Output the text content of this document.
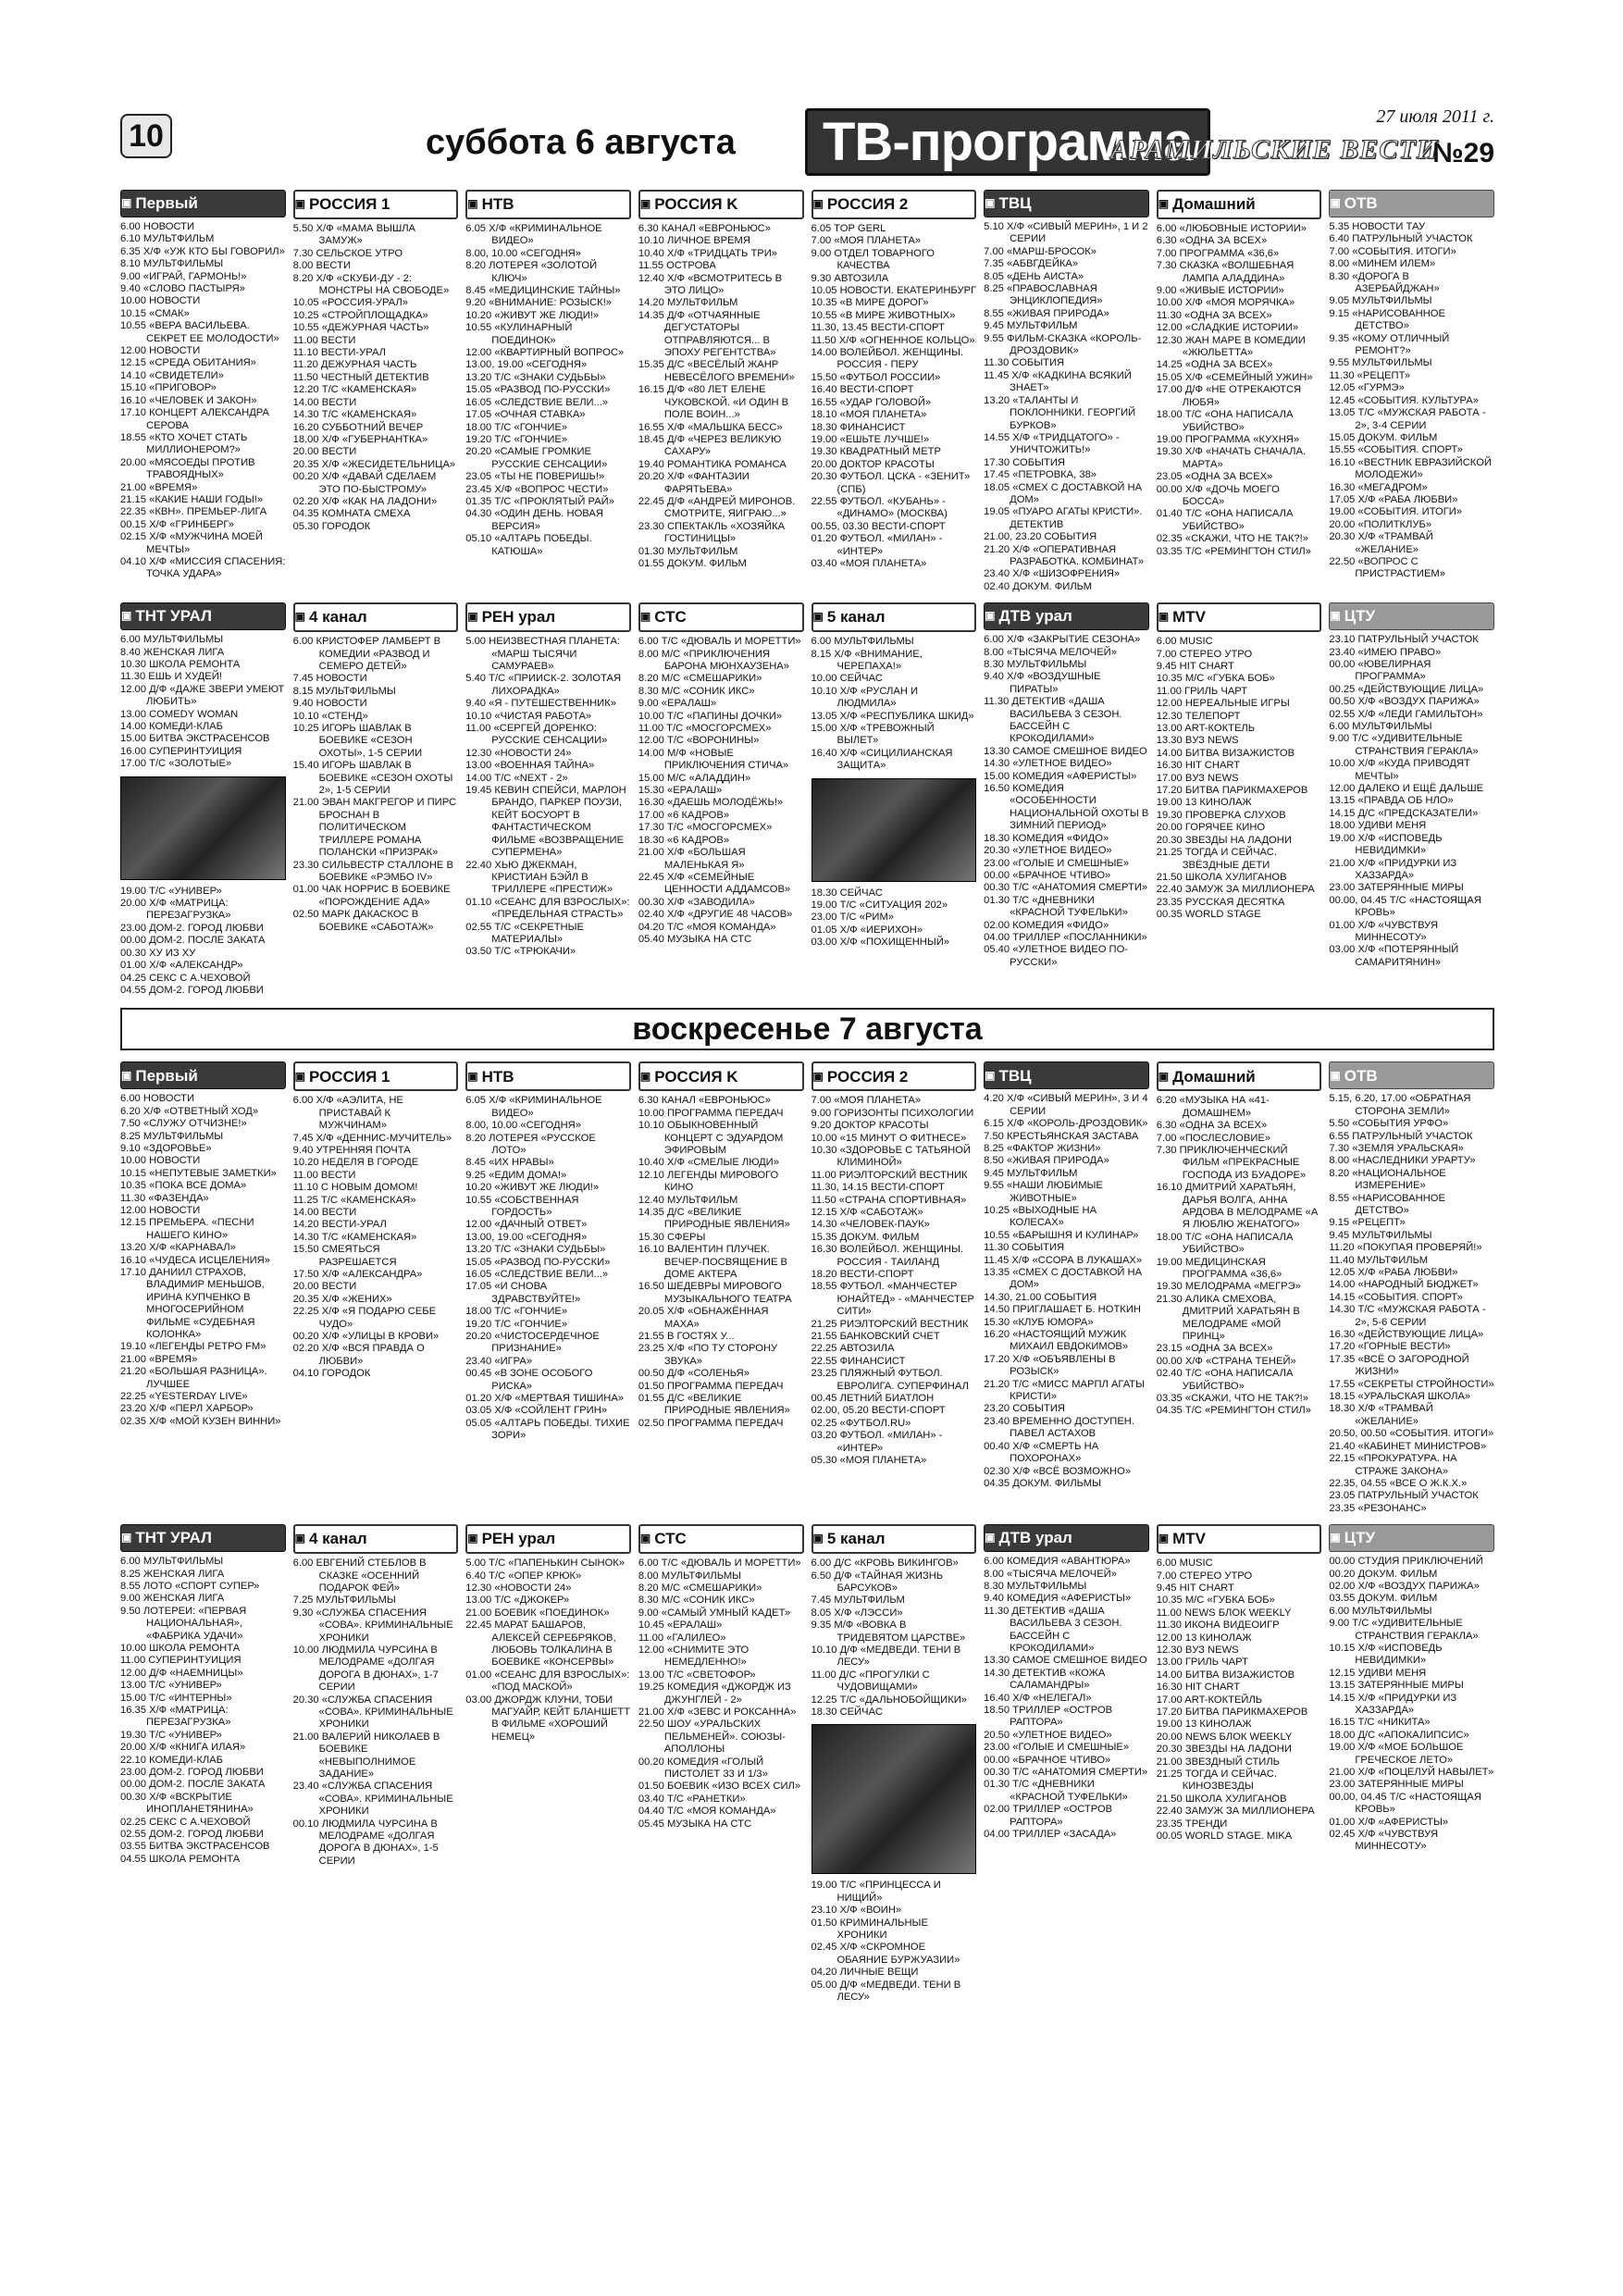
10	суббота 6 августа	ТВ-программа	27 июля 2011 г.
АРАМИЛЬСКИЕ ВЕСТИ
№29
▣ Первый
6.00 НОВОСТИ
6.10 МУЛЬТФИЛЬМ
6.35 Х/Ф «УЖ КТО БЫ ГОВОРИЛ»
8.10 МУЛЬТФИЛЬМЫ
9.00 «ИГРАЙ, ГАРМОНЬ!»
9.40 «СЛОВО ПАСТЫРЯ»
10.00 НОВОСТИ
10.15 «СМАК»
10.55 «ВЕРА ВАСИЛЬЕВА. СЕКРЕТ ЕЕ МОЛОДОСТИ»
12.00 НОВОСТИ
12.15 «СРЕДА ОБИТАНИЯ»
14.10 «СВИДЕТЕЛИ»
15.10 «ПРИГОВОР»
16.10 «ЧЕЛОВЕК И ЗАКОН»
17.10 КОНЦЕРТ АЛЕКСАНДРА СЕРОВА
18.55 «КТО ХОЧЕТ СТАТЬ МИЛЛИОНЕРОМ?»
20.00 «МЯСОЕДЫ ПРОТИВ ТРАВОЯДНЫХ»
21.00 «ВРЕМЯ»
21.15 «КАКИЕ НАШИ ГОДЫ!»
22.35 «КВН». ПРЕМЬЕР-ЛИГА
00.15 Х/Ф «ГРИНБЕРГ»
02.15 Х/Ф «МУЖЧИНА МОЕЙ МЕЧТЫ»
04.10 Х/Ф «МИССИЯ СПАСЕНИЯ: ТОЧКА УДАРА»
▣ РОССИЯ 1
5.50 Х/Ф «МАМА ВЫШЛА ЗАМУЖ»
7.30 СЕЛЬСКОЕ УТРО
8.00 ВЕСТИ
8.20 Х/Ф «СКУБИ-ДУ - 2: МОНСТРЫ НА СВОБОДЕ»
10.05 «РОССИЯ-УРАЛ»
10.25 «СТРОЙПЛОЩАДКА»
10.55 «ДЕЖУРНАЯ ЧАСТЬ»
11.00 ВЕСТИ
11.10 ВЕСТИ-УРАЛ
11.20 ДЕЖУРНАЯ ЧАСТЬ
11.50 ЧЕСТНЫЙ ДЕТЕКТИВ
12.20 Т/С «КАМЕНСКАЯ»
14.00 ВЕСТИ
14.30 Т/С «КАМЕНСКАЯ»
16.20 СУББОТНИЙ ВЕЧЕР
18.00 Х/Ф «ГУБЕРНАНТКА»
20.00 ВЕСТИ
20.35 Х/Ф «ЖЕСИДЕТЕЛЬНИЦА»
00.20 Х/Ф «ДАВАЙ СДЕЛАЕМ ЭТО ПО-БЫСТРОМУ»
02.20 Х/Ф «КАК НА ЛАДОНИ»
04.35 КОМНАТА СМЕХА
05.30 ГОРОДОК
▣ НТВ
6.05 Х/Ф «КРИМИНАЛЬНОЕ ВИДЕО»
8.00, 10.00 «СЕГОДНЯ»
8.20 ЛОТЕРЕЯ «ЗОЛОТОЙ КЛЮЧ»
8.45 «МЕДИЦИНСКИЕ ТАЙНЫ»
9.20 «ВНИМАНИЕ: РОЗЫСК!»
10.20 «ЖИВУТ ЖЕ ЛЮДИ!»
10.55 «КУЛИНАРНЫЙ ПОЕДИНОК»
12.00 «КВАРТИРНЫЙ ВОПРОС»
13.00, 19.00 «СЕГОДНЯ»
13.20 Т/С «ЗНАКИ СУДЬБЫ»
15.05 «РАЗВОД ПО-РУССКИ»
16.05 «СЛЕДСТВИЕ ВЕЛИ...»
17.05 «ОЧНАЯ СТАВКА»
18.00 Т/С «ГОНЧИЕ»
19.20 Т/С «ГОНЧИЕ»
20.20 «САМЫЕ ГРОМКИЕ РУССКИЕ СЕНСАЦИИ»
23.05 «ТЫ НЕ ПОВЕРИШЬ!»
23.45 Х/Ф «ВОПРОС ЧЕСТИ»
01.35 Т/С «ПРОКЛЯТЫЙ РАЙ»
04.30 «ОДИН ДЕНЬ. НОВАЯ ВЕРСИЯ»
05.10 «АЛТАРЬ ПОБЕДЫ. КАТЮША»
▣ РОССИЯ K
6.30 КАНАЛ «ЕВРОНЬЮС»
10.10 ЛИЧНОЕ ВРЕМЯ
10.40 Х/Ф «ТРИДЦАТЬ ТРИ»
11.55 ОСТРОВА
12.40 Х/Ф «ВСМОТРИТЕСЬ В ЭТО ЛИЦО»
14.20 МУЛЬТФИЛЬМ
14.35 Д/Ф «ОТЧАЯННЫЕ ДЕГУСТАТОРЫ ОТПРАВЛЯЮТСЯ... В ЭПОХУ РЕГЕНТСТВА»
15.35 Д/С «ВЕСЁЛЫЙ ЖАНР НЕВЕСЁЛОГО ВРЕМЕНИ»
16.15 Д/Ф «80 ЛЕТ ЕЛЕНЕ ЧУКОВСКОЙ. «И ОДИН В ПОЛЕ ВОИН...»
16.55 Х/Ф «МАЛЬШКА БЕСС»
18.45 Д/Ф «ЧЕРЕЗ ВЕЛИКУЮ САХАРУ»
19.40 РОМАНТИКА РОМАНСА
20.20 Х/Ф «ФАНТАЗИИ ФАРЯТЬЕВА»
22.45 Д/Ф «АНДРЕЙ МИРОНОВ. СМОТРИТЕ, ЯИГРАЮ...»
23.30 СПЕКТАКЛЬ «ХОЗЯЙКА ГОСТИНИЦЫ»
01.30 МУЛЬТФИЛЬМ
01.55 ДОКУМ. ФИЛЬМ
▣ РОССИЯ 2
6.05 TOP GERL
7.00 «МОЯ ПЛАНЕТА»
9.00 ОТДЕЛ ТОВАРНОГО КАЧЕСТВА
9.30 АВТОЗИЛА
10.05 НОВОСТИ. ЕКАТЕРИНБУРГ
10.35 «В МИРЕ ДОРОГ»
10.55 «В МИРЕ ЖИВОТНЫХ»
11.30, 13.45 ВЕСТИ-СПОРТ
11.50 Х/Ф «ОГНЕННОЕ КОЛЬЦО»
14.00 ВОЛЕЙБОЛ. ЖЕНЩИНЫ. РОССИЯ - ПЕРУ
15.50 «ФУТБОЛ РОССИИ»
16.40 ВЕСТИ-СПОРТ
16.55 «УДАР ГОЛОВОЙ»
18.10 «МОЯ ПЛАНЕТА»
18.30 ФИНАНСИСТ
19.00 «ЕШЬТЕ ЛУЧШЕ!»
19.30 КВАДРАТНЫЙ МЕТР
20.00 ДОКТОР КРАСОТЫ
20.30 ФУТБОЛ. ЦСКА - «ЗЕНИТ» (СПБ)
22.55 ФУТБОЛ. «КУБАНЬ» - «ДИНАМО» (МОСКВА)
00.55, 03.30 ВЕСТИ-СПОРТ
01.20 ФУТБОЛ. «МИЛАН» - «ИНТЕР»
03.40 «МОЯ ПЛАНЕТА»
▣ ТВЦ
5.10 Х/Ф «СИВЫЙ МЕРИН», 1 И 2 СЕРИИ
7.00 «МАРШ-БРОСОК»
7.35 «АБВГДЕЙКА»
8.05 «ДЕНЬ АИСТА»
8.25 «ПРАВОСЛАВНАЯ ЭНЦИКЛОПЕДИЯ»
8.55 «ЖИВАЯ ПРИРОДА»
9.45 МУЛЬТФИЛЬМ
9.55 ФИЛЬМ-СКАЗКА «КОРОЛЬ-ДРОЗДОВИК»
11.30 СОБЫТИЯ
11.45 Х/Ф «КАДКИНА ВСЯКИЙ ЗНАЕТ»
13.20 «ТАЛАНТЫ И ПОКЛОННИКИ. ГЕОРГИЙ БУРКОВ»
14.55 Х/Ф «ТРИДЦАТОГО» - УНИЧТОЖИТЬ!»
17.30 СОБЫТИЯ
17.45 «ПЕТРОВКА, 38»
18.05 «СМЕХ С ДОСТАВКОЙ НА ДОМ»
19.05 «ПУАРО АГАТЫ КРИСТИ». ДЕТЕКТИВ
21.00, 23.20 СОБЫТИЯ
21.20 Х/Ф «ОПЕРАТИВНАЯ РАЗРАБОТКА. КОМБИНАТ»
23.40 Х/Ф «ШИЗОФРЕНИЯ»
02.40 ДОКУМ. ФИЛЬМ
▣ Домашний
6.00 «ЛЮБОВНЫЕ ИСТОРИИ»
6.30 «ОДНА ЗА ВСЕХ»
7.00 ПРОГРАММА «36,6»
7.30 СКАЗКА «ВОЛШЕБНАЯ ЛАМПА АЛАДДИНА»
9.00 «ЖИВЫЕ ИСТОРИИ»
10.00 Х/Ф «МОЯ МОРЯЧКА»
11.30 «ОДНА ЗА ВСЕХ»
12.00 «СЛАДКИЕ ИСТОРИИ»
12.30 ЖАН МАРЕ В КОМЕДИИ «ЖЮЛЬЕТТА»
14.25 «ОДНА ЗА ВСЕХ»
15.05 Х/Ф «СЕМЕЙНЫЙ УЖИН»
17.00 Д/Ф «НЕ ОТРЕКАЮТСЯ ЛЮБЯ»
18.00 Т/С «ОНА НАПИСАЛА УБИЙСТВО»
19.00 ПРОГРАММА «КУХНЯ»
19.30 Х/Ф «НАЧАТЬ СНАЧАЛА. МАРТА»
23.05 «ОДНА ЗА ВСЕХ»
00.00 Х/Ф «ДОЧЬ МОЕГО БОССА»
01.40 Т/С «ОНА НАПИСАЛА УБИЙСТВО»
02.35 «СКАЖИ, ЧТО НЕ ТАК?!»
03.35 Т/С «РЕМИНГТОН СТИЛ»
▣ ОТВ
5.35 НОВОСТИ ТАУ
6.40 ПАТРУЛЬНЫЙ УЧАСТОК
7.00 «СОБЫТИЯ. ИТОГИ»
8.00 «МИНЕМ ИЛЕМ»
8.30 «ДОРОГА В АЗЕРБАЙДЖАН»
9.05 МУЛЬТФИЛЬМЫ
9.15 «НАРИСОВАННОЕ ДЕТСТВО»
9.35 «КОМУ ОТЛИЧНЫЙ РЕМОНТ?»
9.55 МУЛЬТФИЛЬМЫ
11.30 «РЕЦЕПТ»
12.05 «ГУРМЭ»
12.45 «СОБЫТИЯ. КУЛЬТУРА»
13.05 Т/С «МУЖСКАЯ РАБОТА - 2», 3-4 СЕРИИ
15.05 ДОКУМ. ФИЛЬМ
15.55 «СОБЫТИЯ. СПОРТ»
16.10 «ВЕСТНИК ЕВРАЗИЙСКОЙ МОЛОДЕЖИ»
16.30 «МЕГАДРОМ»
17.05 Х/Ф «РАБА ЛЮБВИ»
19.00 «СОБЫТИЯ. ИТОГИ»
20.00 «ПОЛИТКЛУБ»
20.30 Х/Ф «ТРАМВАЙ «ЖЕЛАНИЕ»
22.50 «ВОПРОС С ПРИСТРАСТИЕМ»
▣ ТНТ УРАЛ
6.00 МУЛЬТФИЛЬМЫ
8.40 ЖЕНСКАЯ ЛИГА
10.30 ШКОЛА РЕМОНТА
11.30 ЕШЬ И ХУДЕЙ!
12.00 Д/Ф «ДАЖЕ ЗВЕРИ УМЕЮТ ЛЮБИТЬ»
13.00 COMEDY WOMAN
14.00 КОМЕДИ-КЛАБ
15.00 БИТВА ЭКСТРАСЕНСОВ
16.00 СУПЕРИНТУИЦИЯ
17.00 Т/С «ЗОЛОТЫЕ»
19.00 Т/С «УНИВЕР»
20.00 Х/Ф «МАТРИЦА: ПЕРЕЗАГРУЗКА»
23.00 ДОМ-2. ГОРОД ЛЮБВИ
00.00 ДОМ-2. ПОСЛЕ ЗАКАТА
00.30 ХУ ИЗ ХУ
01.00 Х/Ф «АЛЕКСАНДР»
04.25 СЕКС С А.ЧЕХОВОЙ
04.55 ДОМ-2. ГОРОД ЛЮБВИ
▣ 4 канал
6.00 КРИСТОФЕР ЛАМБЕРТ В КОМЕДИИ «РАЗВОД И СЕМЕРО ДЕТЕЙ»
7.45 НОВОСТИ
8.15 МУЛЬТФИЛЬМЫ
9.40 НОВОСТИ
10.10 «СТЕНД»
10.25 ИГОРЬ ШАВЛАК В БОЕВИКЕ «СЕЗОН ОХОТЫ», 1-5 СЕРИИ
15.40 ИГОРЬ ШАВЛАК В БОЕВИКЕ «СЕЗОН ОХОТЫ 2», 1-5 СЕРИИ
21.00 ЭВАН МАКГРЕГОР И ПИРС БРОСНАН В ПОЛИТИЧЕСКОМ ТРИЛЛЕРЕ РОМАНА ПОЛАНСКИ «ПРИЗРАК»
23.30 СИЛЬВЕСТР СТАЛЛОНЕ В БОЕВИКЕ «РЭМБО IV»
01.00 ЧАК НОРРИС В БОЕВИКЕ «ПОРОЖДЕНИЕ АДА»
02.50 МАРК ДАКАСКОС В БОЕВИКЕ «САБОТАЖ»
▣ РЕН урал
5.00 НЕИЗВЕСТНАЯ ПЛАНЕТА: «МАРШ ТЫСЯЧИ САМУРАЕВ»
5.40 Т/С «ПРИИСК-2. ЗОЛОТАЯ ЛИХОРАДКА»
9.40 «Я - ПУТЕШЕСТВЕННИК»
10.10 «ЧИСТАЯ РАБОТА»
11.00 «СЕРГЕЙ ДОРЕНКО: РУССКИЕ СЕНСАЦИИ»
12.30 «НОВОСТИ 24»
13.00 «ВОЕННАЯ ТАЙНА»
14.00 Т/С «NEXT - 2»
19.45 КЕВИН СПЕЙСИ, МАРЛОН БРАНДО, ПАРКЕР ПОУЗИ, КЕЙТ БОСУОРТ В ФАНТАСТИЧЕСКОМ ФИЛЬМЕ «ВОЗВРАЩЕНИЕ СУПЕРМЕНА»
22.40 ХЬЮ ДЖЕКМАН, КРИСТИАН БЭЙЛ В ТРИЛЛЕРЕ «ПРЕСТИЖ»
01.10 «СЕАНС ДЛЯ ВЗРОСЛЫХ»: «ПРЕДЕЛЬНАЯ СТРАСТЬ»
02.55 Т/С «СЕКРЕТНЫЕ МАТЕРИАЛЫ»
03.50 Т/С «ТРЮКАЧИ»
▣ СТС
6.00 Т/С «ДЮВАЛЬ И МОРЕТТИ»
8.00 М/С «ПРИКЛЮЧЕНИЯ БАРОНА МЮНХАУЗЕНА»
8.20 М/С «СМЕШАРИКИ»
8.30 М/С «СОНИК ИКС»
9.00 «ЕРАЛАШ»
10.00 Т/С «ПАПИНЫ ДОЧКИ»
11.00 Т/С «МОСГОРСМЕХ»
12.00 Т/С «ВОРОНИНЫ»
14.00 М/Ф «НОВЫЕ ПРИКЛЮЧЕНИЯ СТИЧА»
15.00 М/С «АЛАДДИН»
15.30 «ЕРАЛАШ»
16.30 «ДАЕШЬ МОЛОДЁЖЬ!»
17.00 «6 КАДРОВ»
17.30 Т/С «МОСГОРСМЕХ»
18.30 «6 КАДРОВ»
21.00 Х/Ф «БОЛЬШАЯ МАЛЕНЬКАЯ Я»
22.45 Х/Ф «СЕМЕЙНЫЕ ЦЕННОСТИ АДДАМСОВ»
00.30 Х/Ф «ЗАВОДИЛА»
02.40 Х/Ф «ДРУГИЕ 48 ЧАСОВ»
04.20 Т/С «МОЯ КОМАНДА»
05.40 МУЗЫКА НА СТС
▣ 5 канал
6.00 МУЛЬТФИЛЬМЫ
8.15 Х/Ф «ВНИМАНИЕ, ЧЕРЕПАХА!»
10.00 СЕЙЧАС
10.10 Х/Ф «РУСЛАН И ЛЮДМИЛА»
13.05 Х/Ф «РЕСПУБЛИКА ШКИД»
15.00 Х/Ф «ТРЕВОЖНЫЙ ВЫЛЕТ»
16.40 Х/Ф «СИЦИЛИАНСКАЯ ЗАЩИТА»
18.30 СЕЙЧАС
19.00 Т/С «СИТУАЦИЯ 202»
23.00 Т/С «РИМ»
01.05 Х/Ф «ИЕРИХОН»
03.00 Х/Ф «ПОХИЩЕННЫЙ»
▣ ДТВ урал
6.00 Х/Ф «ЗАКРЫТИЕ СЕЗОНА»
8.00 «ТЫСЯЧА МЕЛОЧЕЙ»
8.30 МУЛЬТФИЛЬМЫ
9.40 Х/Ф «ВОЗДУШНЫЕ ПИРАТЫ»
11.30 ДЕТЕКТИВ «ДАША ВАСИЛЬЕВА 3 СЕЗОН. БАССЕЙН С КРОКОДИЛАМИ»
13.30 САМОЕ СМЕШНОЕ ВИДЕО
14.30 «УЛЕТНОЕ ВИДЕО»
15.00 КОМЕДИЯ «АФЕРИСТЫ»
16.50 КОМЕДИЯ «ОСОБЕННОСТИ НАЦИОНАЛЬНОЙ ОХОТЫ В ЗИМНИЙ ПЕРИОД»
18.30 КОМЕДИЯ «ФИДО»
20.30 «УЛЕТНОЕ ВИДЕО»
23.00 «ГОЛЫЕ И СМЕШНЫЕ»
00.00 «БРАЧНОЕ ЧТИВО»
00.30 Т/С «АНАТОМИЯ СМЕРТИ»
01.30 Т/С «ДНЕВНИКИ «КРАСНОЙ ТУФЕЛЬКИ»
02.00 КОМЕДИЯ «ФИДО»
04.00 ТРИЛЛЕР «ПОСЛАННИКИ»
05.40 «УЛЕТНОЕ ВИДЕО ПО-РУССКИ»
▣ MTV
6.00 MUSIC
7.00 СТЕРЕО УТРО
9.45 HIT CHART
10.35 М/С «ГУБКА БОБ»
11.00 ГРИЛЬ ЧАРТ
12.00 НЕРЕАЛЬНЫЕ ИГРЫ
12.30 ТЕЛЕПОРТ
13.00 ART-КОКТЕЛЬ
13.30 BУЗ NEWS
14.00 БИТВА ВИЗАЖИСТОВ
16.30 HIT CHART
17.00 BУЗ NEWS
17.20 БИТВА ПАРИКМАХЕРОВ
19.00 13 КИНОЛАЖ
19.30 ПРОВЕРКА СЛУХОВ
20.00 ГОРЯЧЕЕ КИНО
20.30 ЗВЕЗДЫ НА ЛАДОНИ
21.25 ТОГДА И СЕЙЧАС. ЗВЁЗДНЫЕ ДЕТИ
21.50 ШКОЛА ХУЛИГАНОВ
22.40 ЗАМУЖ ЗА МИЛЛИОНЕРА
23.35 РУССКАЯ ДЕСЯТКА
00.35 WORLD STAGE
▣ ЦТУ
23.10 ПАТРУЛЬНЫЙ УЧАСТОК
23.40 «ИМЕЮ ПРАВО»
00.00 «ЮВЕЛИРНАЯ ПРОГРАММА»
00.25 «ДЕЙСТВУЮЩИЕ ЛИЦА»
00.50 Х/Ф «ВОЗДУХ ПАРИЖА»
02.55 Х/Ф «ЛЕДИ ГАМИЛЬТОН»
6.00 МУЛЬТФИЛЬМЫ
9.00 Т/С «УДИВИТЕЛЬНЫЕ СТРАНСТВИЯ ГЕРАКЛА»
10.00 Х/Ф «КУДА ПРИВОДЯТ МЕЧТЫ»
12.00 ДАЛЕКО И ЕЩЁ ДАЛЬШЕ
13.15 «ПРАВДА ОБ НЛО»
14.15 Д/С «ПРЕДСКАЗАТЕЛИ»
18.00 УДИВИ МЕНЯ
19.00 Х/Ф «ИСПОВЕДЬ НЕВИДИМКИ»
21.00 Х/Ф «ПРИДУРКИ ИЗ ХАЗЗАРДА»
23.00 ЗАТЕРЯННЫЕ МИРЫ
00.00, 04.45 Т/С «НАСТОЯЩАЯ КРОВЬ»
01.00 Х/Ф «ЧУВСТВУЯ МИННЕСОТУ»
03.00 Х/Ф «ПОТЕРЯННЫЙ САМАРИТЯНИН»
воскресенье 7 августа
▣ Первый
6.00 НОВОСТИ
6.20 Х/Ф «ОТВЕТНЫЙ ХОД»
7.50 «СЛУЖУ ОТЧИЗНЕ!»
8.25 МУЛЬТФИЛЬМЫ
9.10 «ЗДОРОВЬЕ»
10.00 НОВОСТИ
10.15 «НЕПУТЕВЫЕ ЗАМЕТКИ»
10.35 «ПОКА ВСЕ ДОМА»
11.30 «ФАЗЕНДА»
12.00 НОВОСТИ
12.15 ПРЕМЬЕРА. «ПЕСНИ НАШЕГО КИНО»
13.20 Х/Ф «КАРНАВАЛ»
16.10 «ЧУДЕСА ИСЦЕЛЕНИЯ»
17.10 ДАНИИЛ СТРАХОВ, ВЛАДИМИР МЕНЬШОВ, ИРИНА КУПЧЕНКО В МНОГОСЕРИЙНОМ ФИЛЬМЕ «СУДЕБНАЯ КОЛОНКА»
19.10 «ЛЕГЕНДЫ РЕТРО FM»
21.00 «ВРЕМЯ»
21.20 «БОЛЬШАЯ РАЗНИЦА». ЛУЧШЕЕ
22.25 «YESTERDAY LIVE»
23.20 Х/Ф «ПЕРЛ ХАРБОР»
02.35 Х/Ф «МОЙ КУЗЕН ВИННИ»
▣ РОССИЯ 1
6.00 Х/Ф «АЭЛИТА, НЕ ПРИСТАВАЙ К МУЖЧИНАМ»
7.45 Х/Ф «ДЕННИС-МУЧИТЕЛЬ»
9.40 УТРЕННЯЯ ПОЧТА
10.20 НЕДЕЛЯ В ГОРОДЕ
11.00 ВЕСТИ
11.10 С НОВЫМ ДОМОМ!
11.25 Т/С «КАМЕНСКАЯ»
14.00 ВЕСТИ
14.20 ВЕСТИ-УРАЛ
14.30 Т/С «КАМЕНСКАЯ»
15.50 СМЕЯТЬСЯ РАЗРЕШАЕТСЯ
17.50 Х/Ф «АЛЕКСАНДРА»
20.00 ВЕСТИ
20.35 Х/Ф «ЖЕНИХ»
22.25 Х/Ф «Я ПОДАРЮ СЕБЕ ЧУДО»
00.20 Х/Ф «УЛИЦЫ В КРОВИ»
02.20 Х/Ф «ВСЯ ПРАВДА О ЛЮБВИ»
04.10 ГОРОДОК
▣ НТВ
6.05 Х/Ф «КРИМИНАЛЬНОЕ ВИДЕО»
8.00, 10.00 «СЕГОДНЯ»
8.20 ЛОТЕРЕЯ «РУССКОЕ ЛОТО»
8.45 «ИХ НРАВЫ»
9.25 «ЕДИМ ДОМА!»
10.20 «ЖИВУТ ЖЕ ЛЮДИ!»
10.55 «СОБСТВЕННАЯ ГОРДОСТЬ»
12.00 «ДАЧНЫЙ ОТВЕТ»
13.00, 19.00 «СЕГОДНЯ»
13.20 Т/С «ЗНАКИ СУДЬБЫ»
15.05 «РАЗВОД ПО-РУССКИ»
16.05 «СЛЕДСТВИЕ ВЕЛИ...»
17.05 «И СНОВА ЗДРАВСТВУЙТЕ!»
18.00 Т/С «ГОНЧИЕ»
19.20 Т/С «ГОНЧИЕ»
20.20 «ЧИСТОСЕРДЕЧНОЕ ПРИЗНАНИЕ»
23.40 «ИГРА»
00.45 «В ЗОНЕ ОСОБОГО РИСКА»
01.20 Х/Ф «МЕРТВАЯ ТИШИНА»
03.05 Х/Ф «СОЙЛЕНТ ГРИН»
05.05 «АЛТАРЬ ПОБЕДЫ. ТИХИЕ ЗОРИ»
▣ РОССИЯ K
6.30 КАНАЛ «ЕВРОНЬЮС»
10.00 ПРОГРАММА ПЕРЕДАЧ
10.10 ОБЫКНОВЕННЫЙ КОНЦЕРТ С ЭДУАРДОМ ЭФИРОВЫМ
10.40 Х/Ф «СМЕЛЫЕ ЛЮДИ»
12.10 ЛЕГЕНДЫ МИРОВОГО КИНО
12.40 МУЛЬТФИЛЬМ
14.35 Д/С «ВЕЛИКИЕ ПРИРОДНЫЕ ЯВЛЕНИЯ»
15.30 СФЕРЫ
16.10 ВАЛЕНТИН ПЛУЧЕК. ВЕЧЕР-ПОСВЯЩЕНИЕ В ДОМЕ АКТЕРА
16.50 ШЕДЕВРЫ МИРОВОГО МУЗЫКАЛЬНОГО ТЕАТРА
20.05 Х/Ф «ОБНАЖЁННАЯ МАХА»
21.55 В ГОСТЯХ У...
23.25 Х/Ф «ПО ТУ СТОРОНУ ЗВУКА»
00.50 Д/Ф «СОЛЕНЬЯ»
01.50 ПРОГРАММА ПЕРЕДАЧ
01.55 Д/С «ВЕЛИКИЕ ПРИРОДНЫЕ ЯВЛЕНИЯ»
02.50 ПРОГРАММА ПЕРЕДАЧ
▣ РОССИЯ 2
7.00 «МОЯ ПЛАНЕТА»
9.00 ГОРИЗОНТЫ ПСИХОЛОГИИ
9.20 ДОКТОР КРАСОТЫ
10.00 «15 МИНУТ О ФИТНЕСЕ»
10.30 «ЗДОРОВЬЕ С ТАТЬЯНОЙ КЛИМИНОЙ»
11.00 РИЭЛТОРСКИЙ ВЕСТНИК
11.30, 14.15 ВЕСТИ-СПОРТ
11.50 «СТРАНА СПОРТИВНАЯ»
12.15 Х/Ф «САБОТАЖ»
14.30 «ЧЕЛОВЕК-ПАУК»
15.35 ДОКУМ. ФИЛЬМ
16.30 ВОЛЕЙБОЛ. ЖЕНЩИНЫ. РОССИЯ - ТАИЛАНД
18.20 ВЕСТИ-СПОРТ
18.55 ФУТБОЛ. «МАНЧЕСТЕР ЮНАЙТЕД» - «МАНЧЕСТЕР СИТИ»
21.25 РИЭЛТОРСКИЙ ВЕСТНИК
21.55 БАНКОВСКИЙ СЧЕТ
22.25 АВТОЗИЛА
22.55 ФИНАНСИСТ
23.25 ПЛЯЖНЫЙ ФУТБОЛ. ЕВРОЛИГА. СУПЕРФИНАЛ
00.45 ЛЕТНИЙ БИАТЛОН
02.00, 05.20 ВЕСТИ-СПОРТ
02.25 «ФУТБОЛ.RU»
03.20 ФУТБОЛ. «МИЛАН» - «ИНТЕР»
05.30 «МОЯ ПЛАНЕТА»
▣ ТВЦ
4.20 Х/Ф «СИВЫЙ МЕРИН», 3 И 4 СЕРИИ
6.15 Х/Ф «КОРОЛЬ-ДРОЗДОВИК»
7.50 КРЕСТЬЯНСКАЯ ЗАСТАВА
8.25 «ФАКТОР ЖИЗНИ»
8.50 «ЖИВАЯ ПРИРОДА»
9.45 МУЛЬТФИЛЬМ
9.55 «НАШИ ЛЮБИМЫЕ ЖИВОТНЫЕ»
10.25 «ВЫХОДНЫЕ НА КОЛЕСАХ»
10.55 «БАРЫШНЯ И КУЛИНАР»
11.30 СОБЫТИЯ
11.45 Х/Ф «ССОРА В ЛУКАШАХ»
13.35 «СМЕХ С ДОСТАВКОЙ НА ДОМ»
14.30, 21.00 СОБЫТИЯ
14.50 ПРИГЛАШАЕТ Б. НОТКИН
15.30 «КЛУБ ЮМОРА»
16.20 «НАСТОЯЩИЙ МУЖИК МИХАИЛ ЕВДОКИМОВ»
17.20 Х/Ф «ОБЪЯВЛЕНЫ В РОЗЫСК»
21.20 Т/С «МИСС МАРПЛ АГАТЫ КРИСТИ»
23.20 СОБЫТИЯ
23.40 ВРЕМЕННО ДОСТУПЕН. ПАВЕЛ АСТАХОВ
00.40 Х/Ф «СМЕРТЬ НА ПОХОРОНАХ»
02.30 Х/Ф «ВСЁ ВОЗМОЖНО»
04.35 ДОКУМ. ФИЛЬМЫ
▣ Домашний
6.20 «МУЗЫКА НА «41-ДОМАШНЕМ»
6.30 «ОДНА ЗА ВСЕХ»
7.00 «ПОСЛЕСЛОВИЕ»
7.30 ПРИКЛЮЧЕНЧЕСКИЙ ФИЛЬМ «ПРЕКРАСНЫЕ ГОСПОДА ИЗ БУАДОРЕ»
16.10 ДМИТРИЙ ХАРАТЬЯН, ДАРЬЯ ВОЛГА, АННА АРДОВА В МЕЛОДРАМЕ «А Я ЛЮБЛЮ ЖЕНАТОГО»
18.00 Т/С «ОНА НАПИСАЛА УБИЙСТВО»
19.00 МЕДИЦИНСКАЯ ПРОГРАММА «36,6»
19.30 МЕЛОДРАМА «МЕГРЭ»
21.30 АЛИКА СМЕХОВА, ДМИТРИЙ ХАРАТЬЯН В МЕЛОДРАМЕ «МОЙ ПРИНЦ»
23.15 «ОДНА ЗА ВСЕХ»
00.00 Х/Ф «СТРАНА ТЕНЕЙ»
02.40 Т/С «ОНА НАПИСАЛА УБИЙСТВО»
03.35 «СКАЖИ, ЧТО НЕ ТАК?!»
04.35 Т/С «РЕМИНГТОН СТИЛ»
▣ ОТВ
5.15, 6.20, 17.00 «ОБРАТНАЯ СТОРОНА ЗЕМЛИ»
5.50 «СОБЫТИЯ УРФО»
6.55 ПАТРУЛЬНЫЙ УЧАСТОК
7.30 «ЗЕМЛЯ УРАЛЬСКАЯ»
8.00 «НАСЛЕДНИКИ УРАРТУ»
8.20 «НАЦИОНАЛЬНОЕ ИЗМЕРЕНИЕ»
8.55 «НАРИСОВАННОЕ ДЕТСТВО»
9.15 «РЕЦЕПТ»
9.45 МУЛЬТФИЛЬМЫ
11.20 «ПОКУПАЯ ПРОВЕРЯЙ!»
11.40 МУЛЬТФИЛЬМ
12.05 Х/Ф «РАБА ЛЮБВИ»
14.00 «НАРОДНЫЙ БЮДЖЕТ»
14.15 «СОБЫТИЯ. СПОРТ»
14.30 Т/С «МУЖСКАЯ РАБОТА - 2», 5-6 СЕРИИ
16.30 «ДЕЙСТВУЮЩИЕ ЛИЦА»
17.20 «ГОРНЫЕ ВЕСТИ»
17.35 «ВСЁ О ЗАГОРОДНОЙ ЖИЗНИ»
17.55 «СЕКРЕТЫ СТРОЙНОСТИ»
18.15 «УРАЛЬСКАЯ ШКОЛА»
18.30 Х/Ф «ТРАМВАЙ «ЖЕЛАНИЕ»
20.50, 00.50 «СОБЫТИЯ. ИТОГИ»
21.40 «КАБИНЕТ МИНИСТРОВ»
22.15 «ПРОКУРАТУРА. НА СТРАЖЕ ЗАКОНА»
22.35, 04.55 «ВСЕ О Ж.К.Х.»
23.05 ПАТРУЛЬНЫЙ УЧАСТОК
23.35 «РЕЗОНАНС»
▣ ТНТ УРАЛ
6.00 МУЛЬТФИЛЬМЫ
8.25 ЖЕНСКАЯ ЛИГА
8.55 ЛОТО «СПОРТ СУПЕР»
9.00 ЖЕНСКАЯ ЛИГА
9.50 ЛОТЕРЕИ: «ПЕРВАЯ НАЦИОНАЛЬНАЯ», «ФАБРИКА УДАЧИ»
10.00 ШКОЛА РЕМОНТА
11.00 СУПЕРИНТУИЦИЯ
12.00 Д/Ф «НАЕМНИЦЫ»
13.00 Т/С «УНИВЕР»
15.00 Т/С «ИНТЕРНЫ»
16.35 Х/Ф «МАТРИЦА: ПЕРЕЗАГРУЗКА»
19.30 Т/С «УНИВЕР»
20.00 Х/Ф «КНИГА ИЛАЯ»
22.10 КОМЕДИ-КЛАБ
23.00 ДОМ-2. ГОРОД ЛЮБВИ
00.00 ДОМ-2. ПОСЛЕ ЗАКАТА
00.30 Х/Ф «ВСКРЫТИЕ ИНОПЛАНЕТЯНИНА»
02.25 СЕКС С А.ЧЕХОВОЙ
02.55 ДОМ-2. ГОРОД ЛЮБВИ
03.55 БИТВА ЭКСТРАСЕНСОВ
04.55 ШКОЛА РЕМОНТА
▣ 4 канал
6.00 ЕВГЕНИЙ СТЕБЛОВ В СКАЗКЕ «ОСЕННИЙ ПОДАРОК ФЕЙ»
7.25 МУЛЬТФИЛЬМЫ
9.30 «СЛУЖБА СПАСЕНИЯ «СОВА». КРИМИНАЛЬНЫЕ ХРОНИКИ
10.00 ЛЮДМИЛА ЧУРСИНА В МЕЛОДРАМЕ «ДОЛГАЯ ДОРОГА В ДЮНАХ», 1-7 СЕРИИ
20.30 «СЛУЖБА СПАСЕНИЯ «СОВА». КРИМИНАЛЬНЫЕ ХРОНИКИ
21.00 ВАЛЕРИЙ НИКОЛАЕВ В БОЕВИКЕ «НЕВЫПОЛНИМОЕ ЗАДАНИЕ»
23.40 «СЛУЖБА СПАСЕНИЯ «СОВА». КРИМИНАЛЬНЫЕ ХРОНИКИ
00.10 ЛЮДМИЛА ЧУРСИНА В МЕЛОДРАМЕ «ДОЛГАЯ ДОРОГА В ДЮНАХ», 1-5 СЕРИИ
▣ РЕН урал
5.00 Т/С «ПАПЕНЬКИН СЫНОК»
6.40 Т/С «ОПЕР КРЮК»
12.30 «НОВОСТИ 24»
13.00 Т/С «ДЖОКЕР»
21.00 БОЕВИК «ПОЕДИНОК»
22.45 МАРАТ БАШАРОВ, АЛЕКСЕЙ СЕРЕБРЯКОВ, ЛЮБОВЬ ТОЛКАЛИНА В БОЕВИКЕ «КОНСЕРВЫ»
01.00 «СЕАНС ДЛЯ ВЗРОСЛЫХ»: «ПОД МАСКОЙ»
03.00 ДЖОРДЖ КЛУНИ, ТОБИ МАГУАЙР, КЕЙТ БЛАНШЕТТ В ФИЛЬМЕ «ХОРОШИЙ НЕМЕЦ»
▣ СТС
6.00 Т/С «ДЮВАЛЬ И МОРЕТТИ»
8.00 МУЛЬТФИЛЬМЫ
8.20 М/С «СМЕШАРИКИ»
8.30 М/С «СОНИК ИКС»
9.00 «САМЫЙ УМНЫЙ КАДЕТ»
10.45 «ЕРАЛАШ»
11.00 «ГАЛИЛЕО»
12.00 «СНИМИТЕ ЭТО НЕМЕДЛЕННО!»
13.00 Т/С «СВЕТОФОР»
19.25 КОМЕДИЯ «ДЖОРДЖ ИЗ ДЖУНГЛЕЙ - 2»
21.00 Х/Ф «ЗЕВС И РОКСАННА»
22.50 ШОУ «УРАЛЬСКИХ ПЕЛЬМЕНЕЙ». СОЮЗЫ-АПОЛЛОНЫ
00.20 КОМЕДИЯ «ГОЛЫЙ ПИСТОЛЕТ 33 И 1/3»
01.50 БОЕВИК «ИЗО ВСЕХ СИЛ»
03.40 Т/С «РАНЕТКИ»
04.40 Т/С «МОЯ КОМАНДА»
05.45 МУЗЫКА НА СТС
▣ 5 канал
6.00 Д/С «КРОВЬ ВИКИНГОВ»
6.50 Д/Ф «ТАЙНАЯ ЖИЗНЬ БАРСУКОВ»
7.45 МУЛЬТФИЛЬМ
8.05 Х/Ф «ЛЭССИ»
9.35 М/Ф «ВОВКА В ТРИДЕВЯТОМ ЦАРСТВЕ»
10.10 Д/Ф «МЕДВЕДИ. ТЕНИ В ЛЕСУ»
11.00 Д/С «ПРОГУЛКИ С ЧУДОВИЩАМИ»
12.25 Т/С «ДАЛЬНОБОЙЩИКИ»
18.30 СЕЙЧАС
19.00 Т/С «ПРИНЦЕССА И НИЩИЙ»
23.10 Х/Ф «ВОИН»
01.50 КРИМИНАЛЬНЫЕ ХРОНИКИ
02.45 Х/Ф «СКРОМНОЕ ОБАЯНИЕ БУРЖУАЗИИ»
04.20 ЛИЧНЫЕ ВЕЩИ
05.00 Д/Ф «МЕДВЕДИ. ТЕНИ В ЛЕСУ»
▣ ДТВ урал
6.00 КОМЕДИЯ «АВАНТЮРА»
8.00 «ТЫСЯЧА МЕЛОЧЕЙ»
8.30 МУЛЬТФИЛЬМЫ
9.40 КОМЕДИЯ «АФЕРИСТЫ»
11.30 ДЕТЕКТИВ «ДАША ВАСИЛЬЕВА 3 СЕЗОН. БАССЕЙН С КРОКОДИЛАМИ»
13.30 САМОЕ СМЕШНОЕ ВИДЕО
14.30 ДЕТЕКТИВ «КОЖА САЛАМАНДРЫ»
16.40 Х/Ф «НЕЛЕГАЛ»
18.50 ТРИЛЛЕР «ОСТРОВ РАПТОРА»
20.50 «УЛЕТНОЕ ВИДЕО»
23.00 «ГОЛЫЕ И СМЕШНЫЕ»
00.00 «БРАЧНОЕ ЧТИВО»
00.30 Т/С «АНАТОМИЯ СМЕРТИ»
01.30 Т/С «ДНЕВНИКИ «КРАСНОЙ ТУФЕЛЬКИ»
02.00 ТРИЛЛЕР «ОСТРОВ РАПТОРА»
04.00 ТРИЛЛЕР «ЗАСАДА»
▣ MTV
6.00 MUSIC
7.00 СТЕРЕО УТРО
9.45 HIT CHART
10.35 М/С «ГУБКА БОБ»
11.00 NEWS БЛОК WEEKLY
11.30 ИКОНА ВИДЕОИГР
12.00 13 КИНОЛАЖ
12.30 BУЗ NEWS
13.00 ГРИЛЬ ЧАРТ
14.00 БИТВА ВИЗАЖИСТОВ
16.30 HIT CHART
17.00 ART-КОКТЕЙЛЬ
17.20 БИТВА ПАРИКМАХЕРОВ
19.00 13 КИНОЛАЖ
20.00 NEWS БЛОК WEEKLY
20.30 ЗВЕЗДЫ НА ЛАДОНИ
21.00 ЗВЕЗДНЫЙ СТИЛЬ
21.25 ТОГДА И СЕЙЧАС. КИНОЗВЕЗДЫ
21.50 ШКОЛА ХУЛИГАНОВ
22.40 ЗАМУЖ ЗА МИЛЛИОНЕРА
23.35 ТРЕНДИ
00.05 WORLD STAGE. MIKA
▣ ЦТУ
00.00 СТУДИЯ ПРИКЛЮЧЕНИЙ
00.20 ДОКУМ. ФИЛЬМ
02.00 Х/Ф «ВОЗДУХ ПАРИЖА»
03.55 ДОКУМ. ФИЛЬМ
6.00 МУЛЬТФИЛЬМЫ
9.00 Т/С «УДИВИТЕЛЬНЫЕ СТРАНСТВИЯ ГЕРАКЛА»
10.15 Х/Ф «ИСПОВЕДЬ НЕВИДИМКИ»
12.15 УДИВИ МЕНЯ
13.15 ЗАТЕРЯННЫЕ МИРЫ
14.15 Х/Ф «ПРИДУРКИ ИЗ ХАЗЗАРДА»
16.15 Т/С «НИКИТА»
18.00 Д/С «АПОКАЛИПСИС»
19.00 Х/Ф «МОЕ БОЛЬШОЕ ГРЕЧЕСКОЕ ЛЕТО»
21.00 Х/Ф «ПОЦЕЛУЙ НАВЫЛЕТ»
23.00 ЗАТЕРЯННЫЕ МИРЫ
00.00, 04.45 Т/С «НАСТОЯЩАЯ КРОВЬ»
01.00 Х/Ф «АФЕРИСТЫ»
02.45 Х/Ф «ЧУВСТВУЯ МИННЕСОТУ»
